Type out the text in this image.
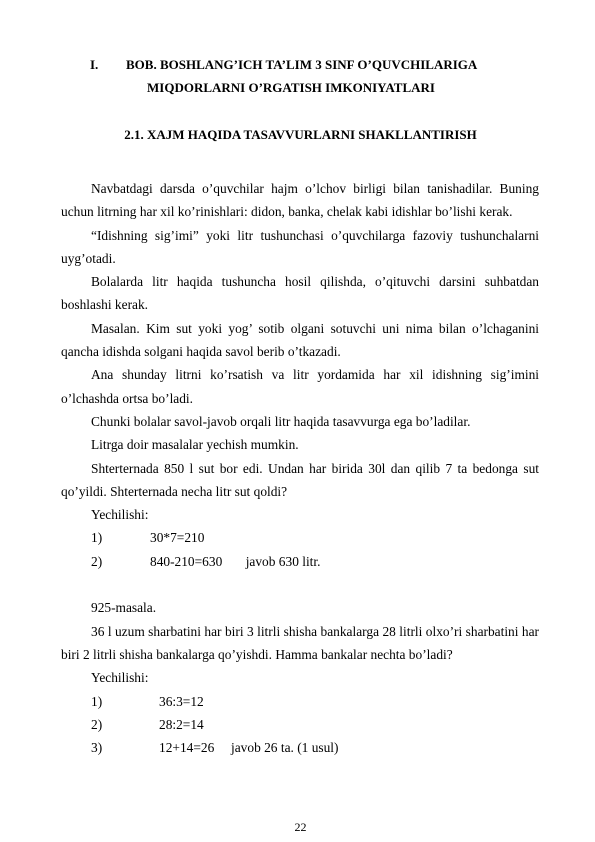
I. BOB. BOSHLANG’ICH TA’LIM 3 SINF O’QUVCHILARIGA
MIQDORLARNI O’RGATISH IMKONIYATLARI
2.1. XAJM HAQIDA TASAVVURLARNI SHAKLLANTIRISH

Navbatdagi darsda o’quvchilar hajm o’lchov birligi bilan tanishadilar. Buning uchun litrning har xil ko’rinishlari: didon, banka, chelak kabi idishlar bo’lishi kerak.

“Idishning sig’imi” yoki litr tushunchasi o’quvchilarga fazoviy tushunchalarni uyg’otadi.

Bolalarda litr haqida tushuncha hosil qilishda, o’qituvchi darsini suhbatdan boshlashi kerak.

Masalan. Kim sut yoki yog’ sotib olgani sotuvchi uni nima bilan o’lchaganini qancha idishda solgani haqida savol berib o’tkazadi.

Ana shunday litrni ko’rsatish va litr yordamida har xil idishning sig’imini o’lchashda ortsa bo’ladi.

Chunki bolalar savol-javob orqali litr haqida tasavvurga ega bo’ladilar.

Litrga doir masalalar yechish mumkin.

Shterternada 850 l sut bor edi. Undan har birida 30l dan qilib 7 ta bedonga sut qo’yildi. Shterternada necha litr sut qoldi?

Yechilishi:

1)	30*7=210
2)	840-210=630       javob 630 litr.

925-masala.

36 l uzum sharbatini har biri 3 litrli shisha bankalarga 28 litrli olxo’ri sharbatini har biri 2 litrli shisha bankalarga qo’yishdi. Hamma bankalar nechta bo’ladi?

Yechilishi:

1)	36:3=12
2)	28:2=14
3)	12+14=26     javob 26 ta. (1 usul)
22
